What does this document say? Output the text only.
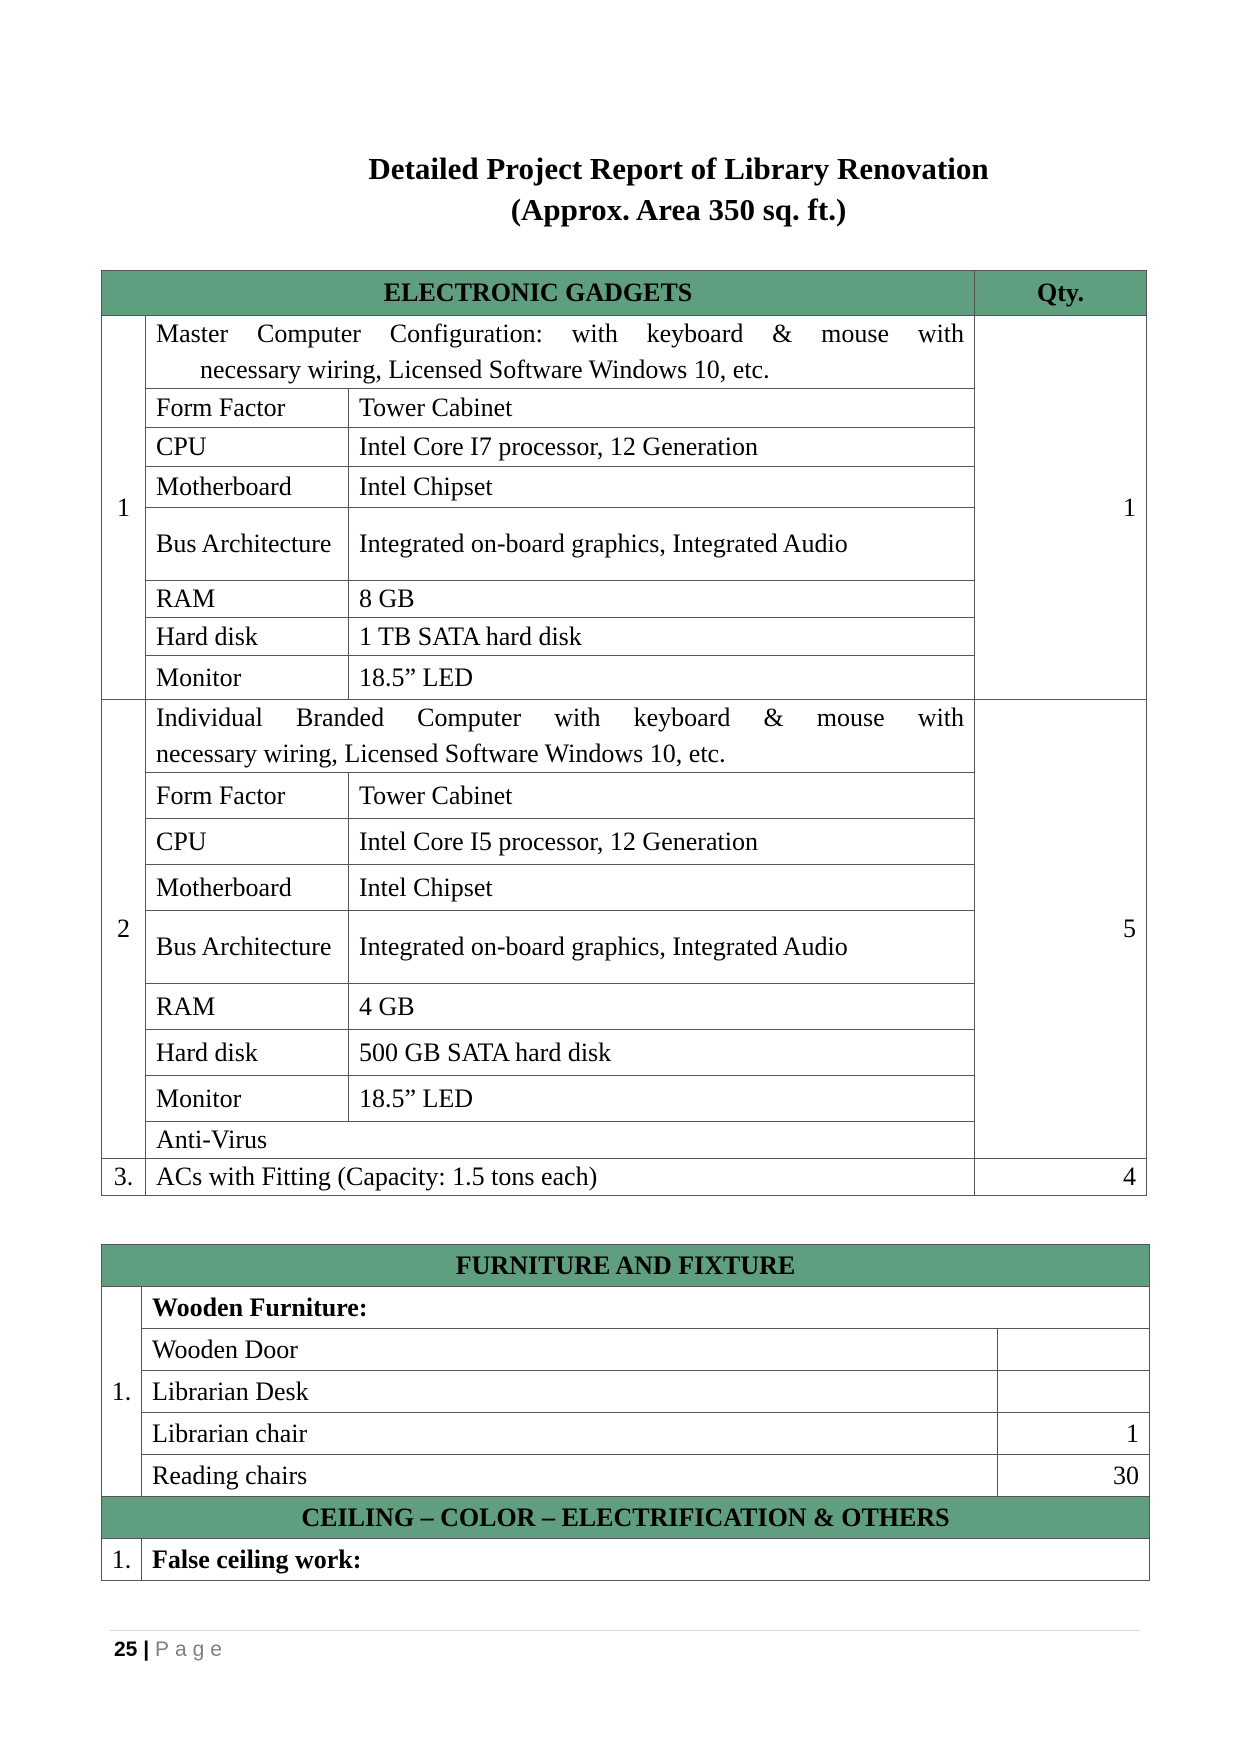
Detailed Project Report of Library Renovation
(Approx. Area 350 sq. ft.)
ELECTRONIC GADGETS			Qty.
1	Master Computer Configuration: with keyboard & mouse with
necessary wiring, Licensed Software Windows 10, etc.		1
	Form Factor	Tower Cabinet	
	CPU	Intel Core I7 processor, 12 Generation	
	Motherboard	Intel Chipset	
	Bus Architecture	Integrated on-board graphics, Integrated Audio	
	RAM	8 GB	
	Hard disk	1 TB SATA hard disk	
	Monitor	18.5” LED	
2	Individual Branded Computer with keyboard & mouse with
necessary wiring, Licensed Software Windows 10, etc.		5
	Form Factor	Tower Cabinet	
	CPU	Intel Core I5 processor, 12 Generation	
	Motherboard	Intel Chipset	
	Bus Architecture	Integrated on-board graphics, Integrated Audio	
	RAM	4 GB	
	Hard disk	500 GB SATA hard disk	
	Monitor	18.5” LED	
	Anti-Virus		
3.	ACs with Fitting (Capacity: 1.5 tons each)		4
FURNITURE AND FIXTURE		
1.	Wooden Furniture:	
	Wooden Door	
	Librarian Desk	
	Librarian chair	1
	Reading chairs	30
CEILING – COLOR – ELECTRIFICATION & OTHERS		
1.	False ceiling work:	
25 | Page
